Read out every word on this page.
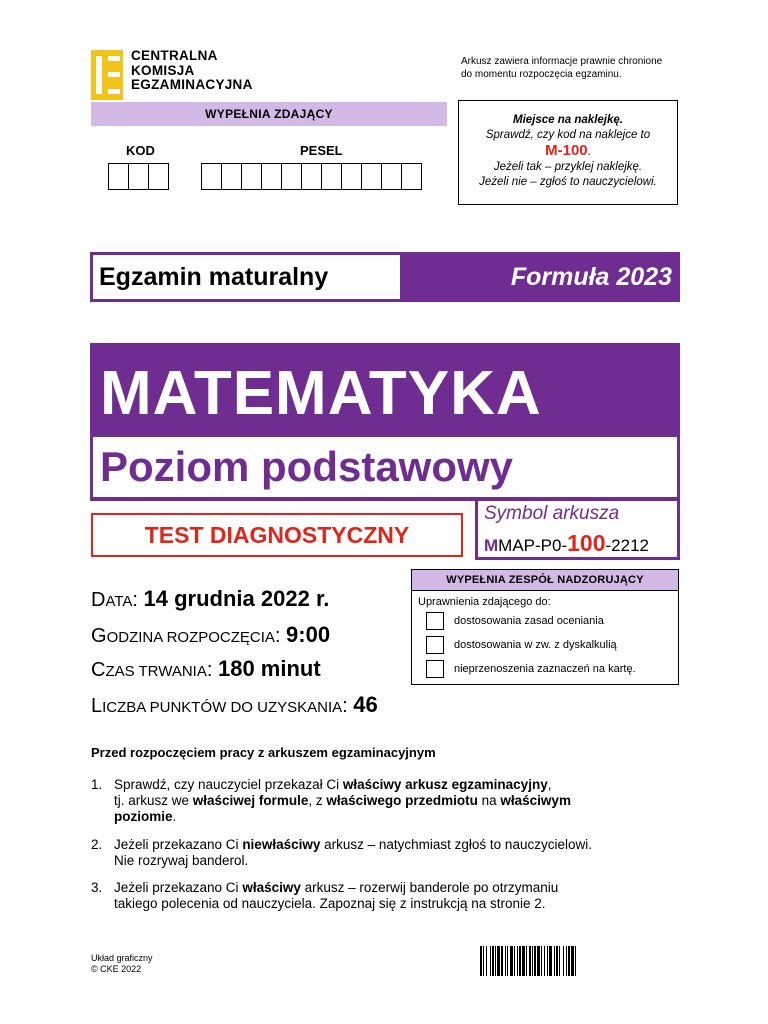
CENTRALNA
KOMISJA
EGZAMINACYJNA
Arkusz zawiera informacje prawnie chronione
do momentu rozpoczęcia egzaminu.
WYPEŁNIA ZDAJĄCY
KOD	PESEL
Miejsce na naklejkę.
Sprawdź, czy kod na naklejce to
M-100.
Jeżeli tak – przyklej naklejkę.
Jeżeli nie – zgłoś to nauczycielowi.
Egzamin maturalny	Formuła 2023
MATEMATYKA
Poziom podstawowy
Symbol arkusza
MMAP-P0-100-2212
TEST DIAGNOSTYCZNY
DATA: 14 grudnia 2022 r.
GODZINA ROZPOCZĘCIA: 9:00
CZAS TRWANIA: 180 minut
LICZBA PUNKTÓW DO UZYSKANIA: 46
WYPEŁNIA ZESPÓŁ NADZORUJĄCY
Uprawnienia zdającego do:
dostosowania zasad oceniania
dostosowania w zw. z dyskalkulią
nieprzenoszenia zaznaczeń na kartę.
Przed rozpoczęciem pracy z arkuszem egzaminacyjnym
1. Sprawdź, czy nauczyciel przekazał Ci właściwy arkusz egzaminacyjny,
tj. arkusz we właściwej formule, z właściwego przedmiotu na właściwym
poziomie.
2. Jeżeli przekazano Ci niewłaściwy arkusz – natychmiast zgłoś to nauczycielowi.
Nie rozrywaj banderol.
3. Jeżeli przekazano Ci właściwy arkusz – rozerwij banderole po otrzymaniu
takiego polecenia od nauczyciela. Zapoznaj się z instrukcją na stronie 2.
Układ graficzny
© CKE 2022
